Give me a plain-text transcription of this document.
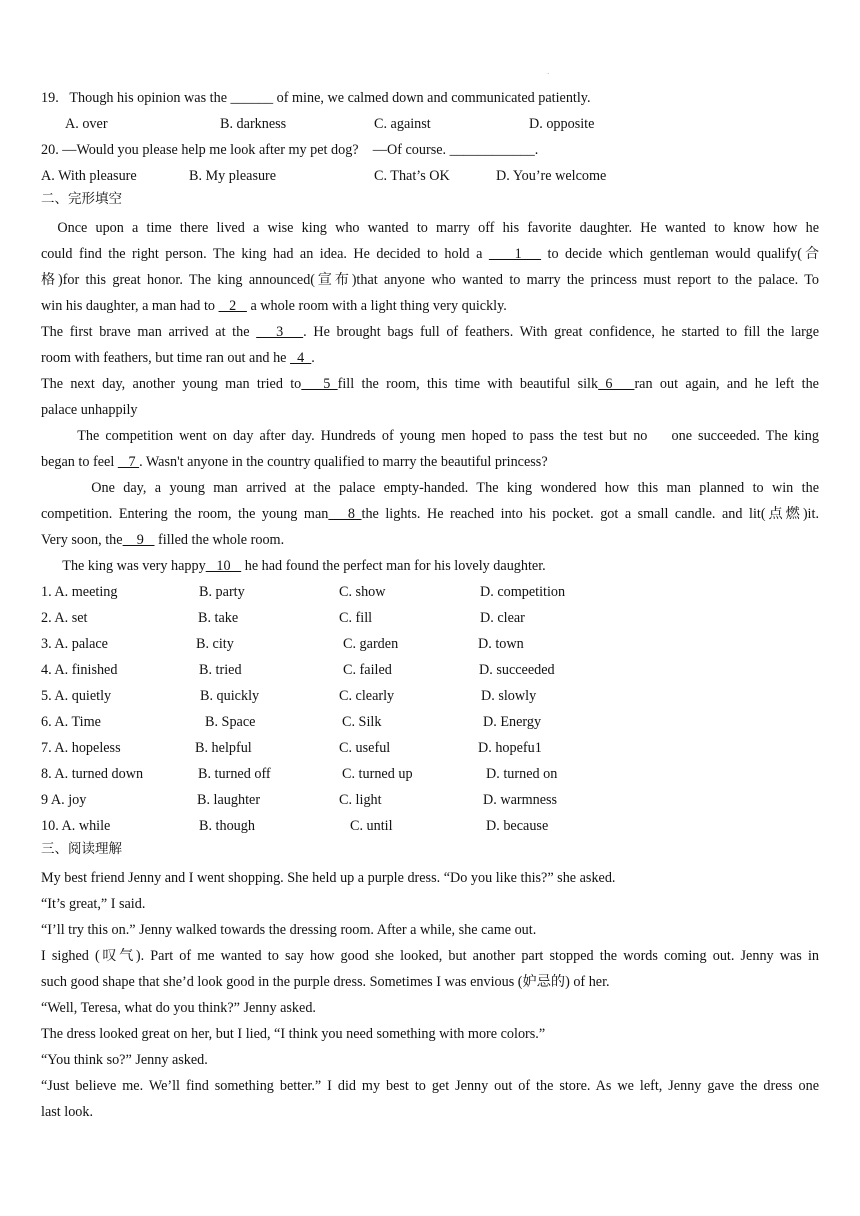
·
19.   Though his opinion was the ______ of mine, we calmed down and communicated patiently.
A. over	B. darkness	C. against	D. opposite
20. —Would you please help me look after my pet dog?    —Of course. ____________.
A. With pleasure	B. My pleasure	C. That’s OK	D. You’re welcome
二、完形填空
Once upon a time there lived a wise king who wanted to marry off his favorite daughter. He wanted to know how he
could find the right person. The king had an idea. He decided to hold a     1    to decide which gentleman would qualify(合
格)for this great honor. The king announced(宣布)that anyone who wanted to marry the princess must report to the palace. To
win his daughter, a man had to    2    a whole room with a light thing very quickly.
The first brave man arrived at the    3   . He brought bags full of feathers. With great confidence, he started to fill the large
room with feathers, but time ran out and he   4  .
The next day, another young man tried to   5 fill the room, this time with beautiful silk 6   ran out again, and he left the
palace unhappily
The competition went on day after day. Hundreds of young men hoped to pass the test but no    one succeeded. The king
began to feel    7 . Wasn't anyone in the country qualified to marry the beautiful princess?
One day, a young man arrived at the palace empty-handed. The king wondered how this man planned to win the
competition. Entering the room, the young man   8 the lights. He reached into his pocket. got a small candle. and lit(点燃)it.
Very soon, the    9    filled the whole room.
The king was very happy   10    he had found the perfect man for his lovely daughter.
1. A. meeting	B. party	C. show	D. competition
2. A. set	B. take	C. fill	D. clear
3. A. palace	B. city	C. garden	D. town
4. A. finished	B. tried	C. failed	D. succeeded
5. A. quietly	B. quickly	C. clearly	D. slowly
6. A. Time	B. Space	C. Silk	D. Energy
7. A. hopeless	B. helpful	C. useful	D. hopefu1
8. A. turned down	B. turned off	C. turned up	D. turned on
9 A. joy	B. laughter	C. light	D. warmness
10. A. while	B. though	C. until	D. because
三、阅读理解
My best friend Jenny and I went shopping. She held up a purple dress. “Do you like this?” she asked.
“It’s great,” I said.
“I’ll try this on.” Jenny walked towards the dressing room. After a while, she came out.
I sighed (叹气). Part of me wanted to say how good she looked, but another part stopped the words coming out. Jenny was in
such good shape that she’d look good in the purple dress. Sometimes I was envious (妒忌的) of her.
“Well, Teresa, what do you think?” Jenny asked.
The dress looked great on her, but I lied, “I think you need something with more colors.”
“You think so?” Jenny asked.
“Just believe me. We’ll find something better.” I did my best to get Jenny out of the store. As we left, Jenny gave the dress one
last look.
